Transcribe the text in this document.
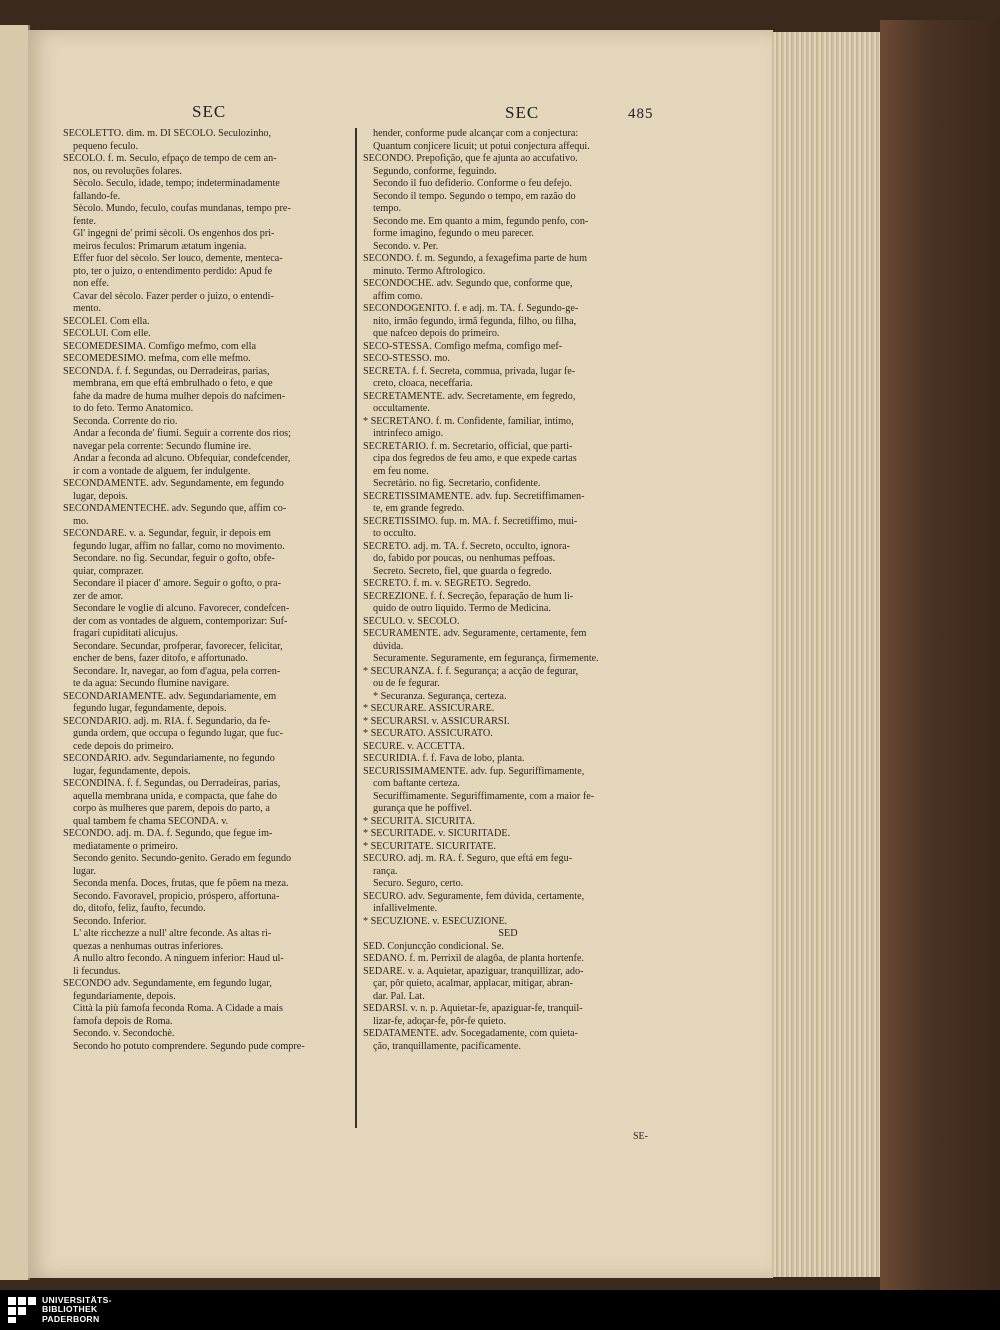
SEC	SEC	485
SECOLETTO. dim. m. DI SÈCOLO. Seculozinho,
pequeno feculo.
SÈCOLO. f. m. Seculo, efpaço de tempo de cem an-
nos, ou revoluções folares.
Sècolo. Seculo, idade, tempo; indeterminadamente
fallando-fe.
Sècolo. Mundo, feculo, coufas mundanas, tempo pre-
fente.
Gl' ingegni de' primi sècoli. Os engenhos dos pri-
meiros feculos: Primarum ætatum ingenia.
Effer fuor del sècolo. Ser louco, demente, menteca-
pto, ter o juizo, o entendimento perdido: Apud fe
non effe.
Cavar del sècolo. Fazer perder o juizo, o entendi-
mento.
SECOLEI. Com ella.
SECOLUI. Com elle.
SECOMEDESIMA. Comfigo mefmo, com ella
SECOMEDESIMO. mefma, com elle mefmo.
SECONDA. f. f. Segundas, ou Derradeiras, parias,
membrana, em que eftá embrulhado o feto, e que
fahe da madre de huma mulher depois do nafcimen-
to do feto. Termo Anatomico.
Seconda. Corrente do rio.
Andar a feconda de' fiumi. Seguir a corrente dos rios;
navegar pela corrente: Secundo flumine ire.
Andar a feconda ad alcuno. Obfequiar, condefcender,
ir com a vontade de alguem, fer indulgente.
SECONDAMENTE. adv. Segundamente, em fegundo
lugar, depois.
SECONDAMENTECHÈ. adv. Segundo que, affim co-
mo.
SECONDARE. v. a. Segundar, feguir, ir depois em
fegundo lugar, affim no fallar, como no movimento.
Secondare. no fig. Secundar, feguir o gofto, obfe-
quiar, comprazer.
Secondare il piacer d' amore. Seguir o gofto, o pra-
zer de amor.
Secondare le voglie di alcuno. Favorecer, condefcen-
der com as vontades de alguem, contemporizar: Suf-
fragari cupiditati alicujus.
Secondare. Secundar, profperar, favorecer, felicitar,
encher de bens, fazer ditofo, e affortunado.
Secondare. Ir, navegar, ao fom d'agua, pela corren-
te da agua: Secundo flumine navigare.
SECONDARIAMENTE. adv. Segundariamente, em
fegundo lugar, fegundamente, depois.
SECONDÀRIO. adj. m. RIA. f. Segundario, da fe-
gunda ordem, que occupa o fegundo lugar, que fuc-
cede depois do primeiro.
SECONDÀRIO. adv. Segundariamente, no fegundo
lugar, fegundamente, depois.
SECONDÌNA. f. f. Segundas, ou Derradeiras, parias,
aquella membrana unida, e compacta, que fahe do
corpo às mulheres que parem, depois do parto, a
qual tambem fe chama SECONDA. v.
SECONDO. adj. m. DA. f. Segundo, que fegue im-
mediatamente o primeiro.
Secondo genito. Secundo-genito. Gerado em fegundo
lugar.
Seconda menfa. Doces, frutas, que fe põem na meza.
Secondo. Favoravel, propicio, próspero, affortuna-
do, ditofo, feliz, faufto, fecundo.
Secondo. Inferior.
L' alte ricchezze a null' altre feconde. As altas ri-
quezas a nenhumas outras inferiores.
A nullo altro fecondo. A ninguem inferior: Haud ul-
li fecundus.
SECONDO adv. Segundamente, em fegundo lugar,
fegundariamente, depois.
Città la più famofa feconda Roma. A Cidade a mais
famofa depois de Roma.
Secondo. v. Secondochè.
Secondo ho potuto comprendere. Segundo pude compre-
hender, conforme pude alcançar com a conjectura:
Quantum conjicere licuit; ut potui conjectura affequi.
SECONDO. Prepofição, que fe ajunta ao accufativo.
Segundo, conforme, feguindo.
Secondo il fuo defiderio. Conforme o feu defejo.
Secondo il tempo. Segundo o tempo, em razão do
tempo.
Secondo me. Em quanto a mim, fegundo penfo, con-
forme imagino, fegundo o meu parecer.
Secondo. v. Per.
SECONDO. f. m. Segundo, a fexagefima parte de hum
minuto. Termo Aftrologico.
SECONDOCHÈ. adv. Segundo que, conforme que,
affim como.
SECONDOGENITO. f. e adj. m. TA. f. Segundo-ge-
nito, irmão fegundo, irmã fegunda, filho, ou filha,
que nafceo depois do primeiro.
SECO-STESSA. Comfigo mefma, comfigo mef-
SECO-STESSO. mo.
SECRETA. f. f. Secreta, commua, privada, lugar fe-
creto, cloaca, neceffaria.
SECRETAMENTE. adv. Secretamente, em fegredo,
occultamente.
* SECRETÀNO. f. m. Confidente, familiar, intimo,
intrinfeco amigo.
SECRETÀRIO. f. m. Secretario, official, que parti-
cipa dos fegredos de feu amo, e que expede cartas
em feu nome.
Secretàrio. no fig. Secretario, confidente.
SECRETISSIMAMENTE. adv. fup. Secretiffimamen-
te, em grande fegredo.
SECRETISSIMO. fup. m. MA. f. Secretiffimo, mui-
to occulto.
SECRETO. adj. m. TA. f. Secreto, occulto, ignora-
do, fabido por poucas, ou nenhumas peffoas.
Secreto. Secreto, fiel, que guarda o fegredo.
SECRETO. f. m. v. SEGRETO. Segredo.
SECREZIONE. f. f. Secreção, feparação de hum li-
quido de outro liquido. Termo de Medicina.
SÈCULO. v. SÈCOLO.
SECURAMENTE. adv. Seguramente, certamente, fem
dúvida.
Securamente. Seguramente, em fegurança, firmemente.
* SECURANZA. f. f. Segurança; a acção de fegurar,
ou de fe fegurar.
* Securanza. Segurança, certeza.
* SECURARE. ASSICURARE.
* SECURARSI. v. ASSICURARSI.
* SECURATO. ASSICURATO.
SECURE. v. ACCETTA.
SECURÌDIA. f. f. Fava de lobo, planta.
SECURISSIMAMENTE. adv. fup. Seguriffimamente,
com baftante certeza.
Securiffimamente. Seguriffimamente, com a maior fe-
gurança que he poffivel.
* SECURITÀ. SICURITÀ.
* SECURITADE. v. SICURITADE.
* SECURITATE. SICURITATE.
SECURO. adj. m. RA. f. Seguro, que eftá em fegu-
rança.
Securo. Seguro, certo.
SECURO. adv. Seguramente, fem dúvida, certamente,
infallivelmente.
* SECUZIONE. v. ESECUZIONE.
SED
SED. Conjuncção condicional. Se.
SEDANO. f. m. Perrixil de alagôa, de planta hortenfe.
SEDARE. v. a. Aquietar, apaziguar, tranquillizar, ado-
çar, pôr quieto, acalmar, applacar, mitigar, abran-
dar. Pal. Lat.
SEDARSI. v. n. p. Aquietar-fe, apaziguar-fe, tranquil-
lizar-fe, adoçar-fe, pôr-fe quieto.
SEDATAMENTE. adv. Socegadamente, com quieta-
ção, tranquillamente, pacificamente.
SE-
UNIVERSITÄTS-
BIBLIOTHEK
PADERBORN
